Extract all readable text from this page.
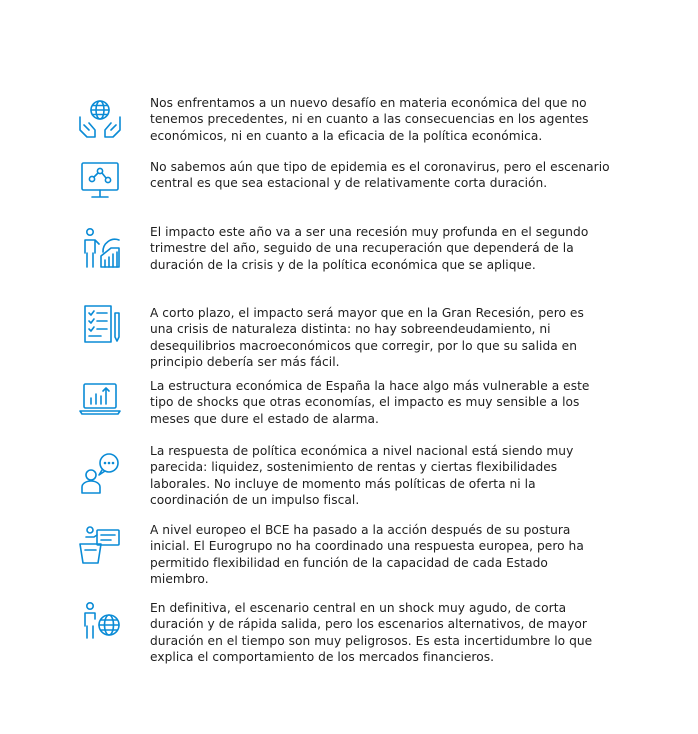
Nos enfrentamos a un nuevo desafío en materia económica del que no tenemos precedentes, ni en cuanto a las consecuencias en los agentes económicos, ni en cuanto a la eficacia de la política económica.

No sabemos aún que tipo de epidemia es el coronavirus, pero el escenario central es que sea estacional y de relativamente corta duración.

El impacto este año va a ser una recesión muy profunda en el segundo trimestre del año, seguido de una recuperación que dependerá de la duración de la crisis y de la política económica que se aplique.

A corto plazo, el impacto será mayor que en la Gran Recesión, pero es una crisis de naturaleza distinta: no hay sobreendeudamiento, ni desequilibrios macroeconómicos que corregir, por lo que su salida en principio debería ser más fácil.

La estructura económica de España la hace algo más vulnerable a este tipo de shocks que otras economías, el impacto es muy sensible a los meses que dure el estado de alarma.

La respuesta de política económica a nivel nacional está siendo muy parecida: liquidez, sostenimiento de rentas y ciertas flexibilidades laborales. No incluye de momento más políticas de oferta ni la coordinación de un impulso fiscal.

A nivel europeo el BCE ha pasado a la acción después de su postura inicial. El Eurogrupo no ha coordinado una respuesta europea, pero ha permitido flexibilidad en función de la capacidad de cada Estado miembro.

En definitiva, el escenario central en un shock muy agudo, de corta duración y de rápida salida, pero los escenarios alternativos, de mayor duración en el tiempo son muy peligrosos. Es esta incertidumbre lo que explica el comportamiento de los mercados financieros.
